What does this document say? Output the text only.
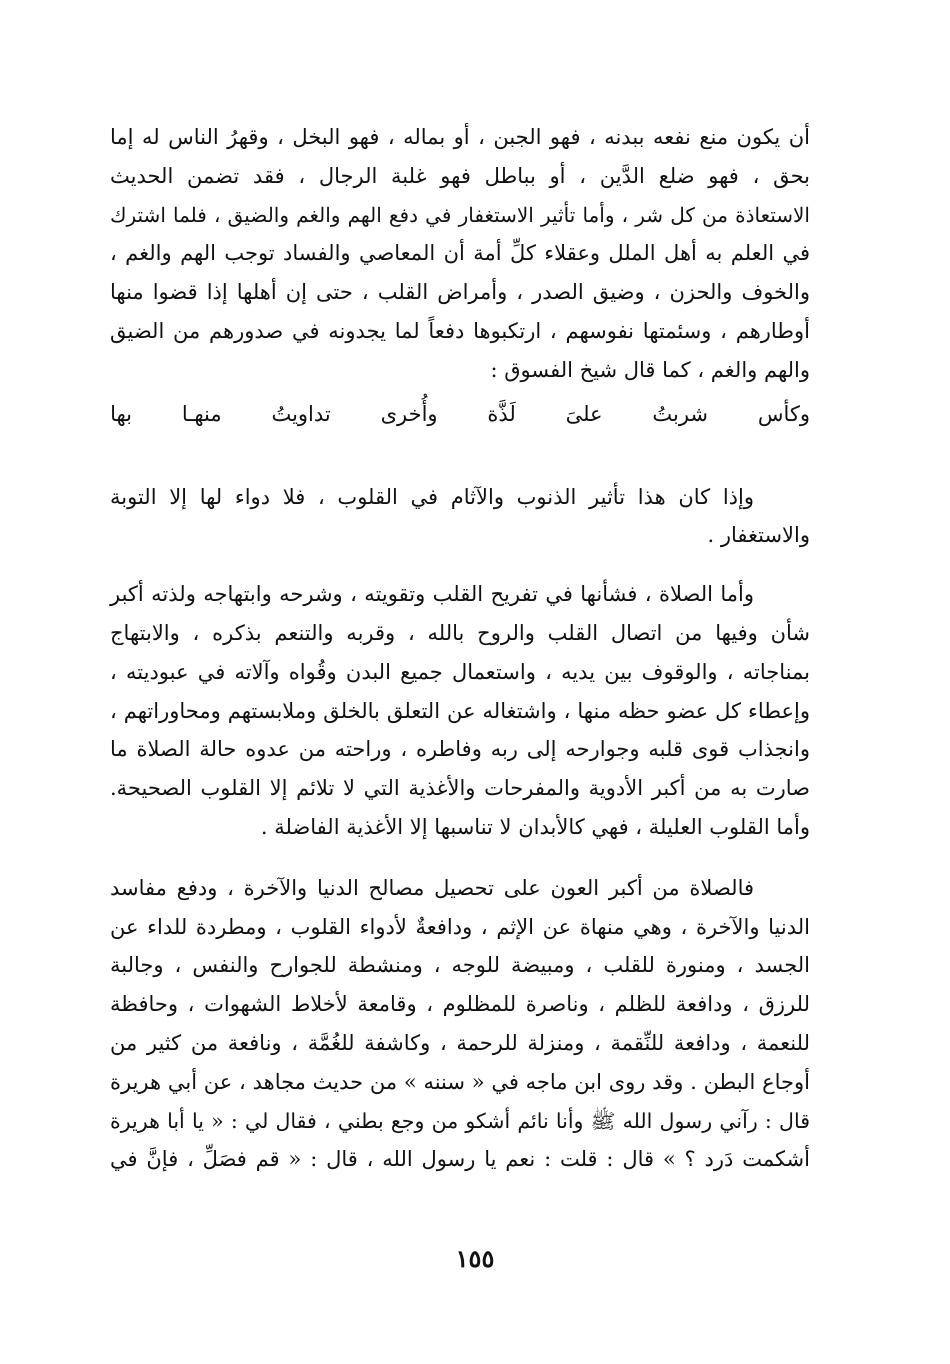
أن يكون منع نفعه ببدنه ، فهو الجبن ، أو بماله ، فهو البخل ، وقهرُ الناس له إما
بحق ، فهو ضلع الدَّين ، أو بباطل فهو غلبة الرجال ، فقد تضمن الحديث
الاستعاذة من كل شر ، وأما تأثير الاستغفار في دفع الهم والغم والضيق ، فلما اشترك
في العلم به أهل الملل وعقلاء كلِّ أمة أن المعاصي والفساد توجب الهم والغم ،
والخوف والحزن ، وضيق الصدر ، وأمراض القلب ، حتى إن أهلها إذا قضوا منها
أوطارهم ، وسئمتها نفوسهم ، ارتكبوها دفعاً لما يجدونه في صدورهم من الضيق
والهم والغم ، كما قال شيخ الفسوق :
وكأس
شربتُ
علىَ
لَذَّة
وأُخرى
تداويتُ
منهـا
بها
وإذا كان هذا تأثير الذنوب والآثام في القلوب ، فلا دواء لها إلا التوبة
والاستغفار .
وأما الصلاة ، فشأنها في تفريح القلب وتقويته ، وشرحه وابتهاجه ولذته أكبر
شأن وفيها من اتصال القلب والروح بالله ، وقربه والتنعم بذكره ، والابتهاج
بمناجاته ، والوقوف بين يديه ، واستعمال جميع البدن وقُواه وآلاته في عبوديته ،
وإعطاء كل عضو حظه منها ، واشتغاله عن التعلق بالخلق وملابستهم ومحاوراتهم ،
وانجذاب قوى قلبه وجوارحه إلى ربه وفاطره ، وراحته من عدوه حالة الصلاة ما
صارت به من أكبر الأدوية والمفرحات والأغذية التي لا تلائم إلا القلوب الصحيحة.
وأما القلوب العليلة ، فهي كالأبدان لا تناسبها إلا الأغذية الفاضلة .
فالصلاة من أكبر العون على تحصيل مصالح الدنيا والآخرة ، ودفع مفاسد
الدنيا والآخرة ، وهي منهاة عن الإثم ، ودافعةٌ لأدواء القلوب ، ومطردة للداء عن
الجسد ، ومنورة للقلب ، ومبيضة للوجه ، ومنشطة للجوارح والنفس ، وجالبة
للرزق ، ودافعة للظلم ، وناصرة للمظلوم ، وقامعة لأخلاط الشهوات ، وحافظة
للنعمة ، ودافعة للنِّقمة ، ومنزلة للرحمة ، وكاشفة للغُمَّة ، ونافعة من كثير من
أوجاع البطن . وقد روى ابن ماجه في « سننه » من حديث مجاهد ، عن أبي هريرة
قال : رآني رسول الله ﷺ وأنا نائم أشكو من وجع بطني ، فقال لي : « يا أبا هريرة
أشكمت دَرد ؟ » قال : قلت : نعم يا رسول الله ، قال : « قم فصَلِّ ، فإنَّ في
١٥٥
